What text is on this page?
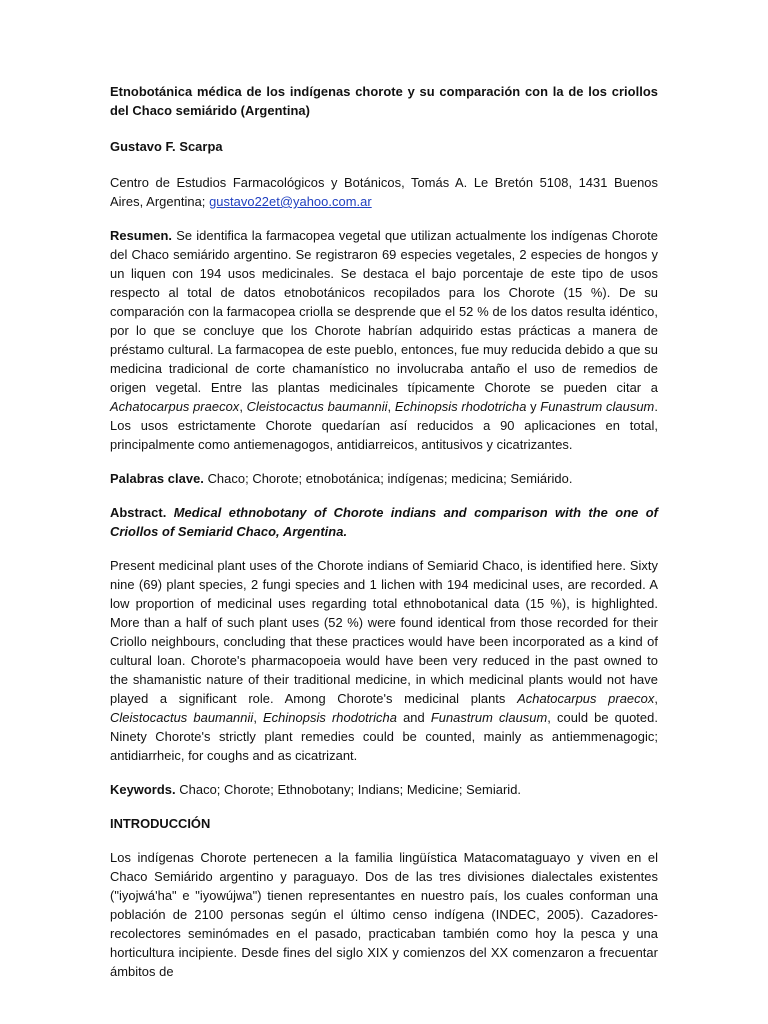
Etnobotánica médica de los indígenas chorote y su comparación con la de los criollos del Chaco semiárido (Argentina)

Gustavo F. Scarpa

Centro de Estudios Farmacológicos y Botánicos, Tomás A. Le Bretón 5108, 1431 Buenos Aires, Argentina; gustavo22et@yahoo.com.ar

Resumen. Se identifica la farmacopea vegetal que utilizan actualmente los indígenas Chorote del Chaco semiárido argentino. Se registraron 69 especies vegetales, 2 especies de hongos y un liquen con 194 usos medicinales. Se destaca el bajo porcentaje de este tipo de usos respecto al total de datos etnobotánicos recopilados para los Chorote (15 %). De su comparación con la farmacopea criolla se desprende que el 52 % de los datos resulta idéntico, por lo que se concluye que los Chorote habrían adquirido estas prácticas a manera de préstamo cultural. La farmacopea de este pueblo, entonces, fue muy reducida debido a que su medicina tradicional de corte chamanístico no involucraba antaño el uso de remedios de origen vegetal. Entre las plantas medicinales típicamente Chorote se pueden citar a Achatocarpus praecox, Cleistocactus baumannii, Echinopsis rhodotricha y Funastrum clausum. Los usos estrictamente Chorote quedarían así reducidos a 90 aplicaciones en total, principalmente como antiemenagogos, antidiarreicos, antitusivos y cicatrizantes.

Palabras clave. Chaco; Chorote; etnobotánica; indígenas; medicina; Semiárido.

Abstract. Medical ethnobotany of Chorote indians and comparison with the one of Criollos of Semiarid Chaco, Argentina.

Present medicinal plant uses of the Chorote indians of Semiarid Chaco, is identified here. Sixty nine (69) plant species, 2 fungi species and 1 lichen with 194 medicinal uses, are recorded. A low proportion of medicinal uses regarding total ethnobotanical data (15 %), is highlighted. More than a half of such plant uses (52 %) were found identical from those recorded for their Criollo neighbours, concluding that these practices would have been incorporated as a kind of cultural loan. Chorote's pharmacopoeia would have been very reduced in the past owned to the shamanistic nature of their traditional medicine, in which medicinal plants would not have played a significant role. Among Chorote's medicinal plants Achatocarpus praecox, Cleistocactus baumannii, Echinopsis rhodotricha and Funastrum clausum, could be quoted. Ninety Chorote's strictly plant remedies could be counted, mainly as antiemmenagogic; antidiarrheic, for coughs and as cicatrizant.

Keywords. Chaco; Chorote; Ethnobotany; Indians; Medicine; Semiarid.

INTRODUCCIÓN

Los indígenas Chorote pertenecen a la familia lingüística Matacomataguayo y viven en el Chaco Semiárido argentino y paraguayo. Dos de las tres divisiones dialectales existentes ("iyojwá'ha" e "iyowújwa") tienen representantes en nuestro país, los cuales conforman una población de 2100 personas según el último censo indígena (INDEC, 2005). Cazadores-recolectores seminómades en el pasado, practicaban también como hoy la pesca y una horticultura incipiente. Desde fines del siglo XIX y comienzos del XX comenzaron a frecuentar ámbitos de
